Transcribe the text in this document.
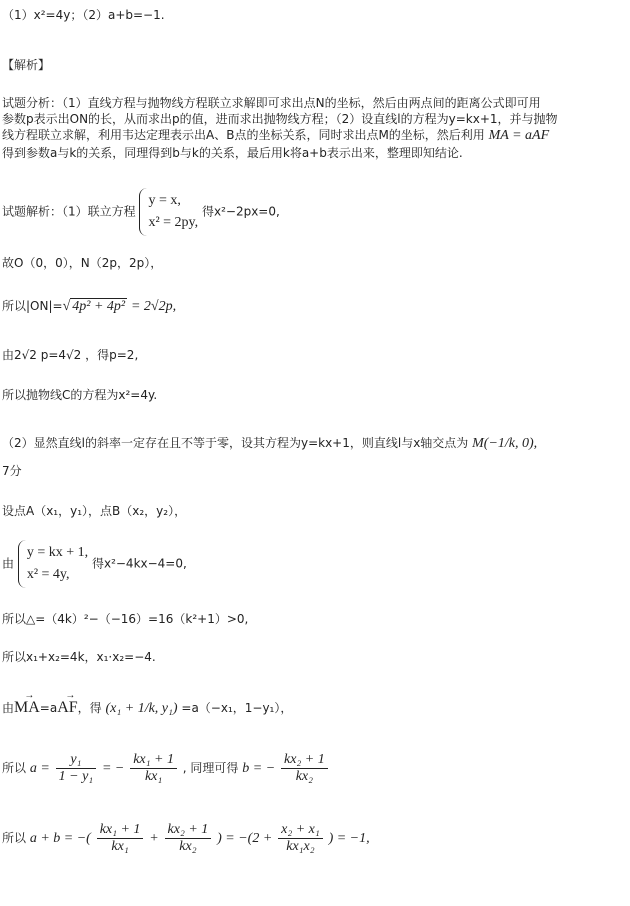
（1）x²=4y；（2）a+b=−1.
【解析】
试题分析：（1）直线方程与抛物线方程联立求解即可求出点N的坐标，然后由两点间的距离公式即可用
参数p表示出ON的长，从而求出p的值，进而求出抛物线方程；（2）设直线l的方程为y=kx+1，并与抛物
线方程联立求解，利用韦达定理表示出A、B点的坐标关系，同时求出点M的坐标，然后利用 MA = aAF
得到参数a与k的关系，同理得到b与k的关系，最后用k将a+b表示出来，整理即知结论.
试题解析：（1）联立方程
y = x,
x² = 2py,
得x²−2px=0,
故O（0，0），N（2p，2p），
所以|ON|=√ 4p² + 4p² = 2√2p,
由2√2 p=4√2 ，得p=2,
所以抛物线C的方程为x²=4y.
（2）显然直线l的斜率一定存在且不等于零，设其方程为y=kx+1，则直线l与x轴交点为 M(−1/k, 0),
7分
设点A（x₁，y₁），点B（x₂，y₂），
由
y = kx + 1,
x² = 4y,
得x²−4kx−4=0,
所以△=（4k）²−（−16）=16（k²+1）>0,
所以x₁+x₂=4k，x₁·x₂=−4.
由→ MA=a→ AF，得 (x₁ + 1/k, y₁) =a（−x₁，1−y₁），
所以 $a = \frac{\text{y₁}}{\text{1 − y₁}}$ = − $\frac{\text{kx₁ + 1}}{\text{kx₁}}$ , 同理可得 b = − $\frac{\text{kx₂ + 1}}{\text{kx₂}}$
所以 a + b = −( $\frac{\text{kx₁ + 1}}{\text{kx₁}} + \frac{\text{kx₂ + 1}}{\text{kx₂}}$ ) = $-(2 + \frac{\text{x₂ + x₁}}{\text{kx₁x₂}}$ ) = −1,
